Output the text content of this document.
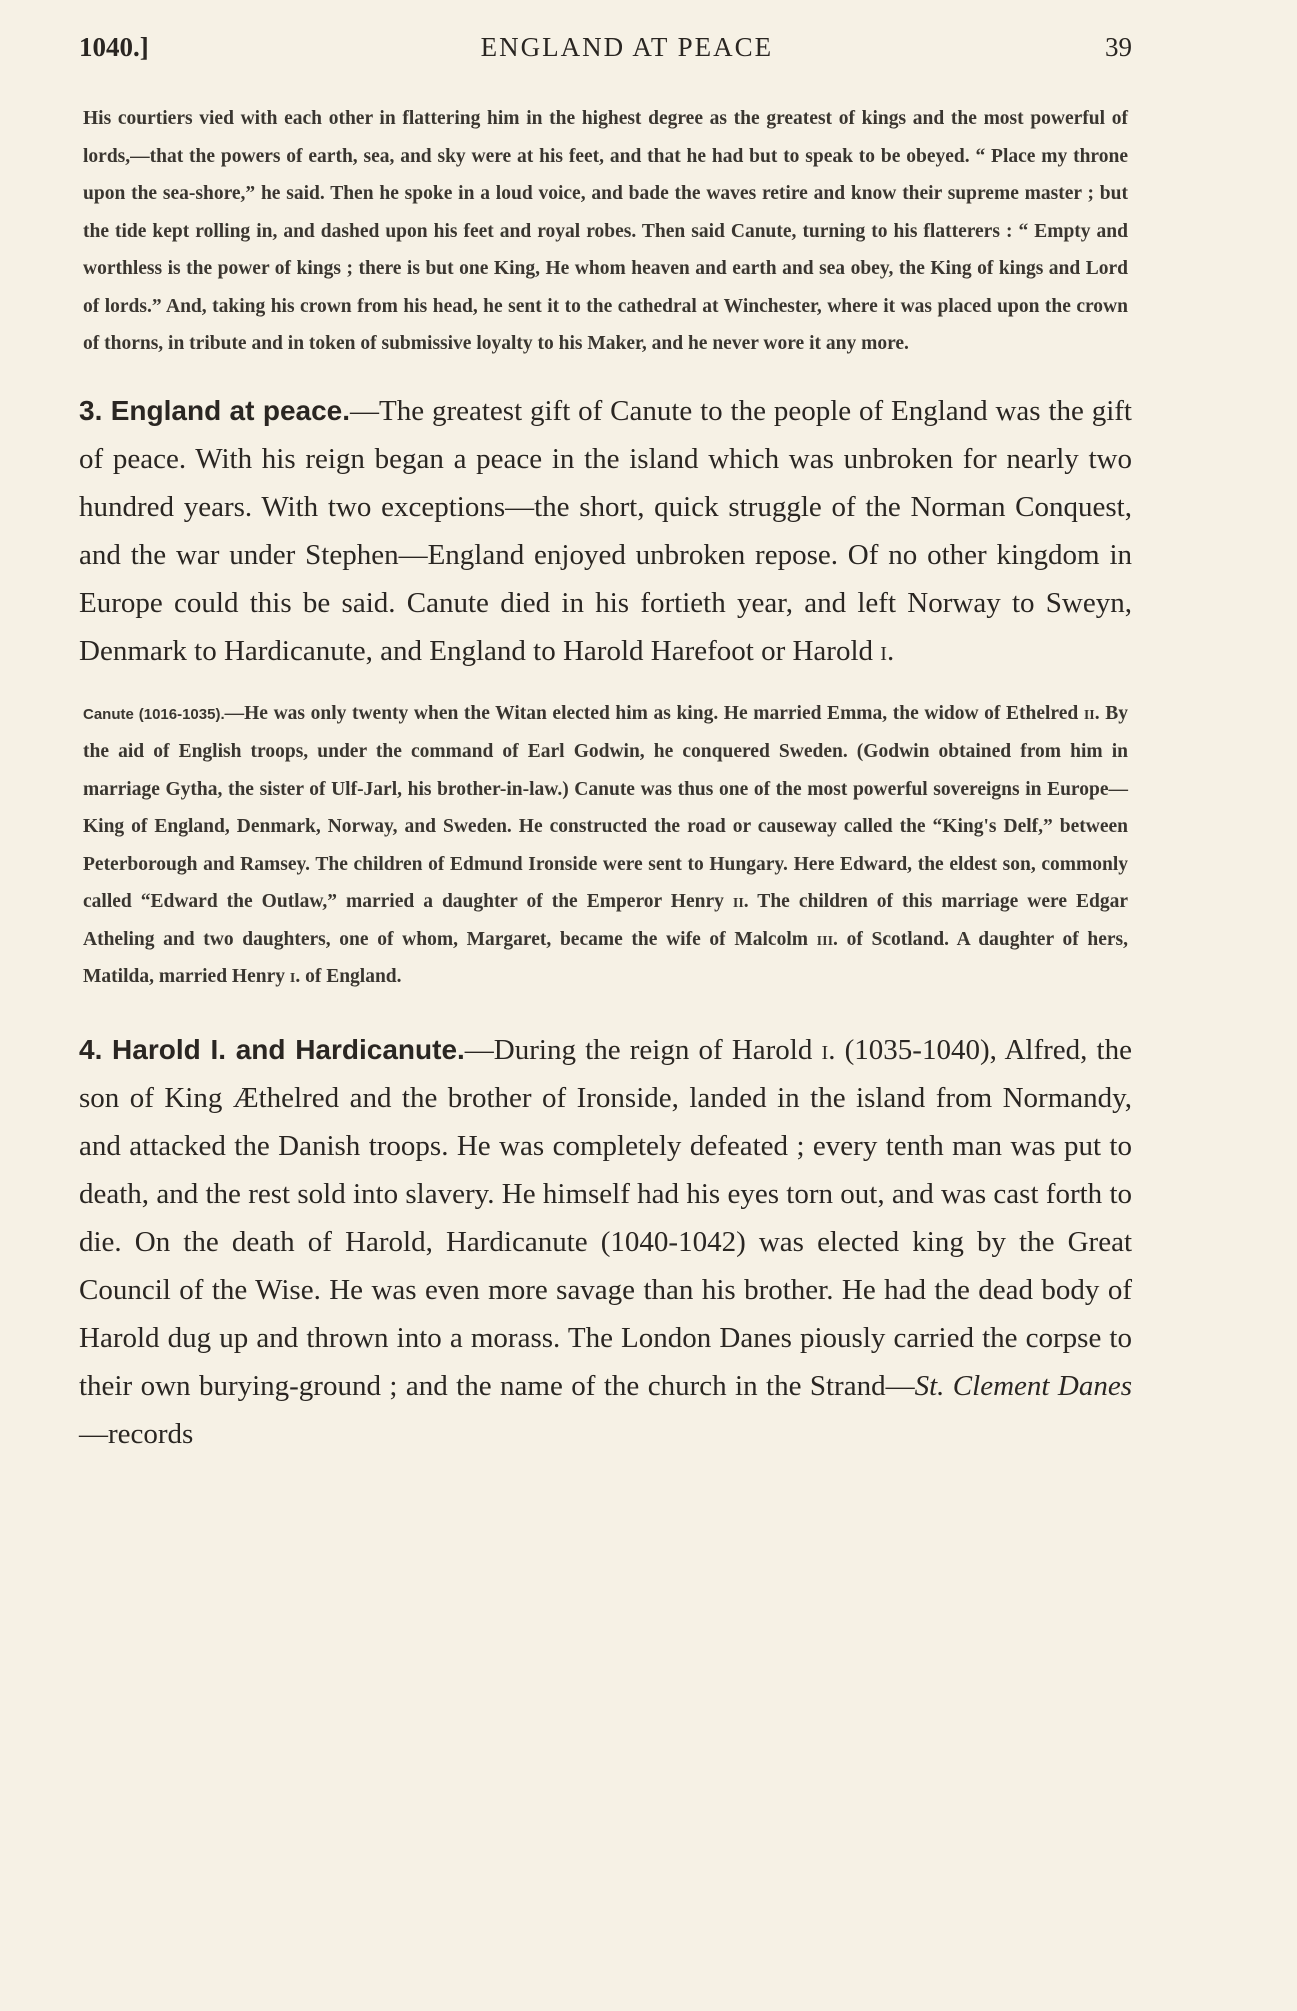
1040.]	ENGLAND AT PEACE	39

His courtiers vied with each other in flattering him in the highest degree as the greatest of kings and the most powerful of lords,—that the powers of earth, sea, and sky were at his feet, and that he had but to speak to be obeyed. “ Place my throne upon the sea-shore,” he said. Then he spoke in a loud voice, and bade the waves retire and know their supreme master ; but the tide kept rolling in, and dashed upon his feet and royal robes. Then said Canute, turning to his flatterers : “ Empty and worthless is the power of kings ; there is but one King, He whom heaven and earth and sea obey, the King of kings and Lord of lords.” And, taking his crown from his head, he sent it to the cathedral at Winchester, where it was placed upon the crown of thorns, in tribute and in token of submissive loyalty to his Maker, and he never wore it any more.

3. England at peace.—The greatest gift of Canute to the people of England was the gift of peace. With his reign began a peace in the island which was unbroken for nearly two hundred years. With two exceptions—the short, quick struggle of the Norman Conquest, and the war under Stephen—England enjoyed unbroken repose. Of no other kingdom in Europe could this be said. Canute died in his fortieth year, and left Norway to Sweyn, Denmark to Hardicanute, and England to Harold Harefoot or Harold i.

Canute (1016-1035).—He was only twenty when the Witan elected him as king. He married Emma, the widow of Ethelred ii. By the aid of English troops, under the command of Earl Godwin, he conquered Sweden. (Godwin obtained from him in marriage Gytha, the sister of Ulf-Jarl, his brother-in-law.) Canute was thus one of the most powerful sovereigns in Europe—King of England, Denmark, Norway, and Sweden. He constructed the road or causeway called the “King's Delf,” between Peterborough and Ramsey. The children of Edmund Ironside were sent to Hungary. Here Edward, the eldest son, commonly called “Edward the Outlaw,” married a daughter of the Emperor Henry ii. The children of this marriage were Edgar Atheling and two daughters, one of whom, Margaret, became the wife of Malcolm iii. of Scotland. A daughter of hers, Matilda, married Henry i. of England.

4. Harold I. and Hardicanute.—During the reign of Harold i. (1035-1040), Alfred, the son of King Æthelred and the brother of Ironside, landed in the island from Normandy, and attacked the Danish troops. He was completely defeated ; every tenth man was put to death, and the rest sold into slavery. He himself had his eyes torn out, and was cast forth to die. On the death of Harold, Hardicanute (1040-1042) was elected king by the Great Council of the Wise. He was even more savage than his brother. He had the dead body of Harold dug up and thrown into a morass. The London Danes piously carried the corpse to their own burying-ground ; and the name of the church in the Strand—St. Clement Danes—records
